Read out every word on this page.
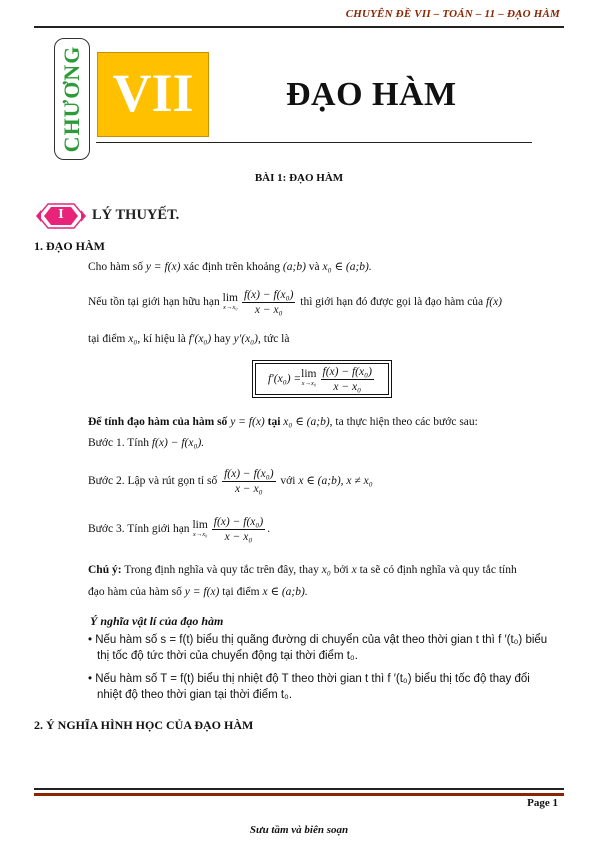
CHUYÊN ĐỀ VII – TOÁN – 11 – ĐẠO HÀM
CHƯƠNG VII	ĐẠO HÀM
BÀI 1: ĐẠO HÀM
I	LÝ THUYẾT.
1. ĐẠO HÀM
Cho hàm số y = f(x) xác định trên khoảng (a;b) và x₀ ∈ (a;b).
Nếu tồn tại giới hạn hữu hạn lim
$x\to x_0 \frac{\text{f(x) − f(x₀)}}{\text{x − x₀}}$ thì giới hạn đó được gọi là đạo hàm của f(x)
tại điểm x₀, kí hiệu là f′(x₀) hay y′(x₀), tức là
f′(x₀) = lim
$x\to x_0 \frac{\text{f(x) − f(x₀)}}{\text{x − x₀}}$
Để tính đạo hàm của hàm số y = f(x) tại x₀ ∈ (a;b), ta thực hiện theo các bước sau:
Bước 1. Tính f(x) − f(x₀).
Bước 2. Lập và rút gọn tỉ số $\frac{\text{f(x) − f(x₀)}}{\text{x − x₀}}$ với x ∈ (a;b), x ≠ x₀
Bước 3. Tính giới hạn lim
$x\to x_0 \frac{\text{f(x) − f(x₀)}}{\text{x − x₀}}$ .
Chú ý: Trong định nghĩa và quy tắc trên đây, thay x₀ bởi x ta sẽ có định nghĩa và quy tắc tính
đạo hàm của hàm số y = f(x) tại điểm x ∈ (a;b).
Ý nghĩa vật lí của đạo hàm
• Nếu hàm số s = f(t) biểu thị quãng đường di chuyển của vật theo thời gian t thì f ′(t₀) biểu
thị tốc độ tức thời của chuyển động tại thời điểm t₀.
• Nếu hàm số T = f(t) biểu thị nhiệt độ T theo thời gian t thì f ′(t₀) biểu thị tốc độ thay đổi
nhiệt độ theo thời gian tại thời điểm t₀.
2. Ý NGHĨA HÌNH HỌC CỦA ĐẠO HÀM
Page 1
Sưu tầm và biên soạn
